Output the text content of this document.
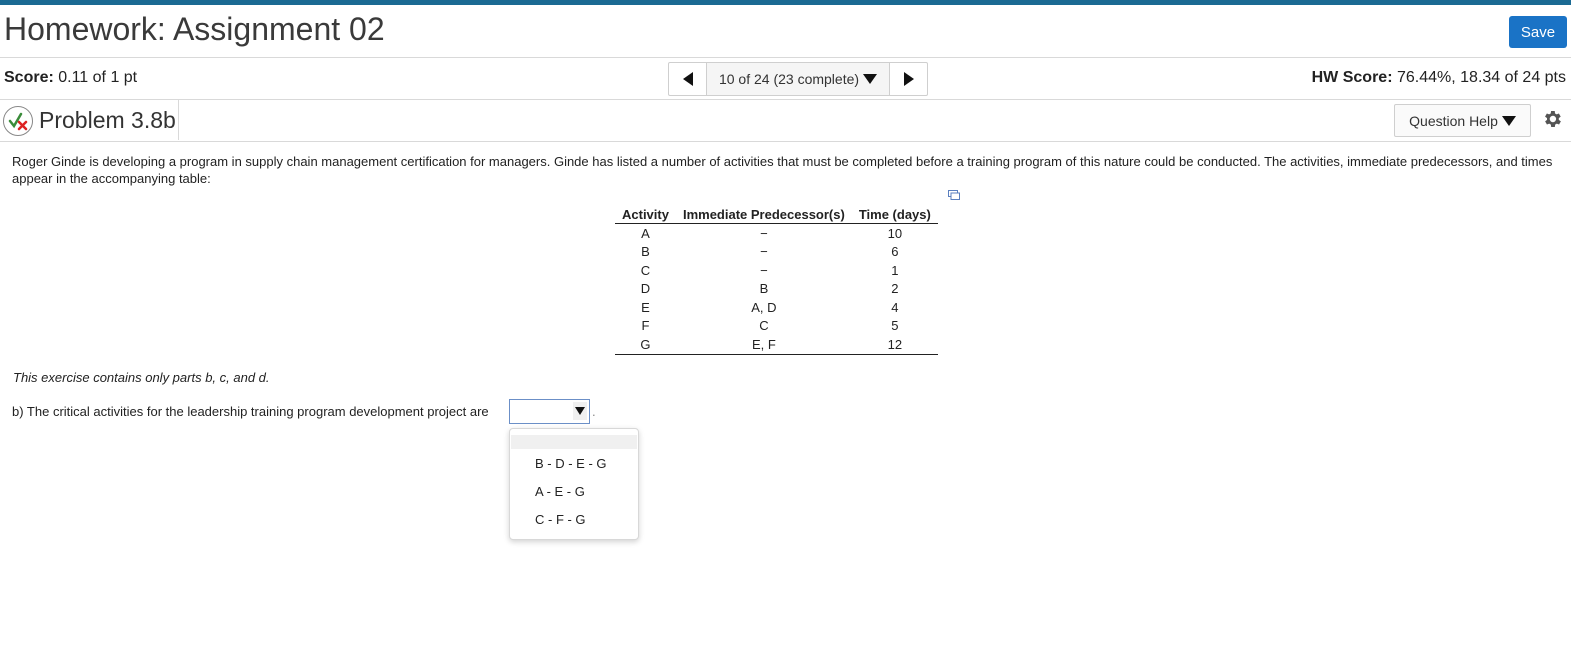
Homework: Assignment 02	Save
Score: 0.11 of 1 pt	10 of 24 (23 complete)	HW Score: 76.44%, 18.34 of 24 pts
Problem 3.8b	Question Help
Roger Ginde is developing a program in supply chain management certification for managers. Ginde has listed a number of activities that must be completed before a training program of this nature could be conducted. The activities, immediate predecessors, and times appear in the accompanying table:
Activity	Immediate Predecessor(s)	Time (days)
A	−	10
B	−	6
C	−	1
D	B	2
E	A, D	4
F	C	5
G	E, F	12
This exercise contains only parts b, c, and d.
b) The critical activities for the leadership training program development project are	.
B - D - E - G
A - E - G
C - F - G
